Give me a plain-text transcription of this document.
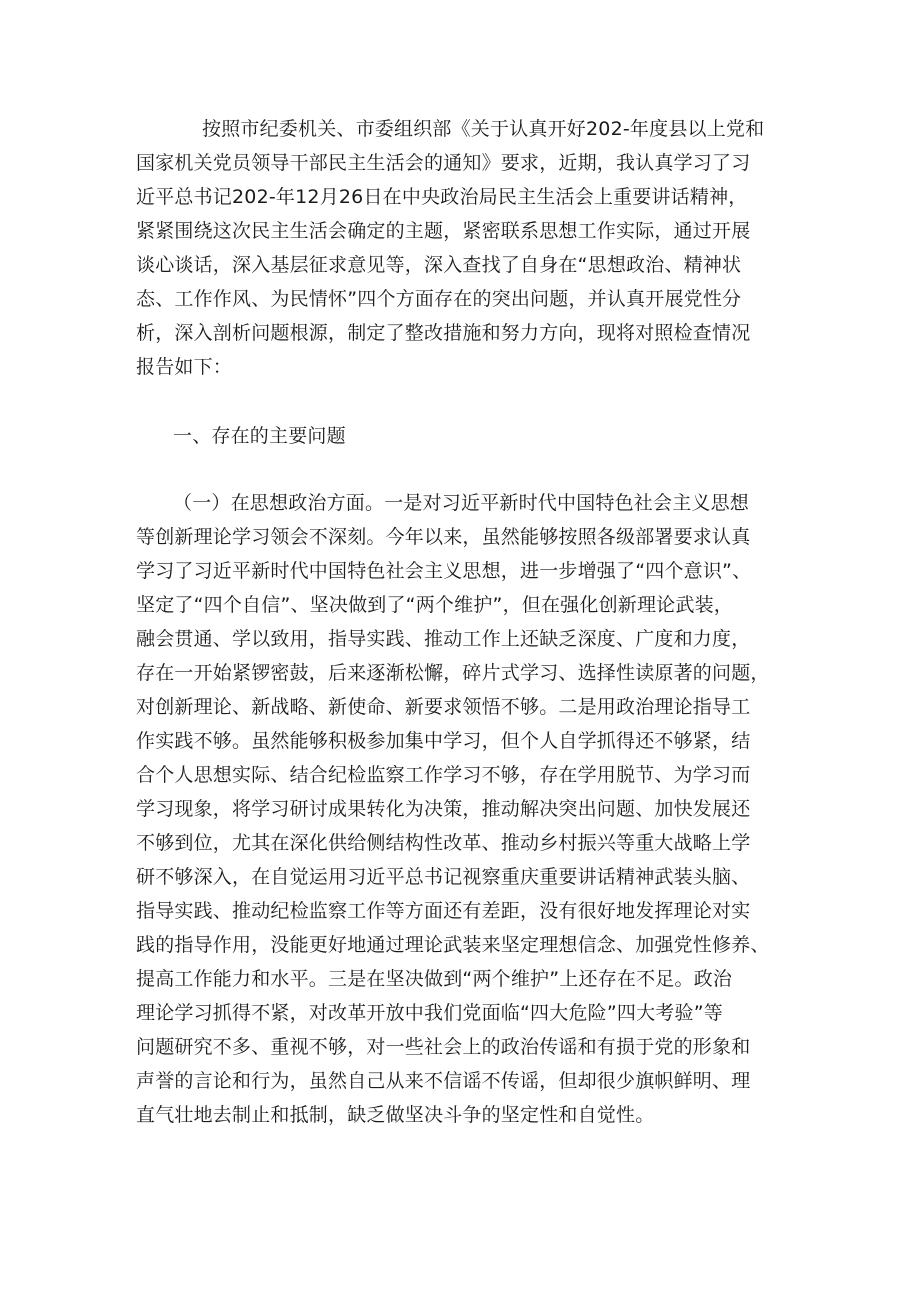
按照市纪委机关、市委组织部《关于认真开好202-年度县以上党和
国家机关党员领导干部民主生活会的通知》要求，近期，我认真学习了习
近平总书记202-年12月26日在中央政治局民主生活会上重要讲话精神，
紧紧围绕这次民主生活会确定的主题，紧密联系思想工作实际，通过开展
谈心谈话，深入基层征求意见等，深入查找了自身在“思想政治、精神状
态、工作作风、为民情怀”四个方面存在的突出问题，并认真开展党性分
析，深入剖析问题根源，制定了整改措施和努力方向，现将对照检查情况
报告如下：
一、存在的主要问题
（一）在思想政治方面。一是对习近平新时代中国特色社会主义思想
等创新理论学习领会不深刻。今年以来，虽然能够按照各级部署要求认真
学习了习近平新时代中国特色社会主义思想，进一步增强了“四个意识”、
坚定了“四个自信”、坚决做到了“两个维护”，但在强化创新理论武装，
融会贯通、学以致用，指导实践、推动工作上还缺乏深度、广度和力度，
存在一开始紧锣密鼓，后来逐渐松懈，碎片式学习、选择性读原著的问题，
对创新理论、新战略、新使命、新要求领悟不够。二是用政治理论指导工
作实践不够。虽然能够积极参加集中学习，但个人自学抓得还不够紧，结
合个人思想实际、结合纪检监察工作学习不够，存在学用脱节、为学习而
学习现象，将学习研讨成果转化为决策，推动解决突出问题、加快发展还
不够到位，尤其在深化供给侧结构性改革、推动乡村振兴等重大战略上学
研不够深入，在自觉运用习近平总书记视察重庆重要讲话精神武装头脑、
指导实践、推动纪检监察工作等方面还有差距，没有很好地发挥理论对实
践的指导作用，没能更好地通过理论武装来坚定理想信念、加强党性修养、
提高工作能力和水平。三是在坚决做到“两个维护”上还存在不足。政治
理论学习抓得不紧，对改革开放中我们党面临“四大危险”四大考验”等
问题研究不多、重视不够，对一些社会上的政治传谣和有损于党的形象和
声誉的言论和行为，虽然自己从来不信谣不传谣，但却很少旗帜鲜明、理
直气壮地去制止和抵制，缺乏做坚决斗争的坚定性和自觉性。
